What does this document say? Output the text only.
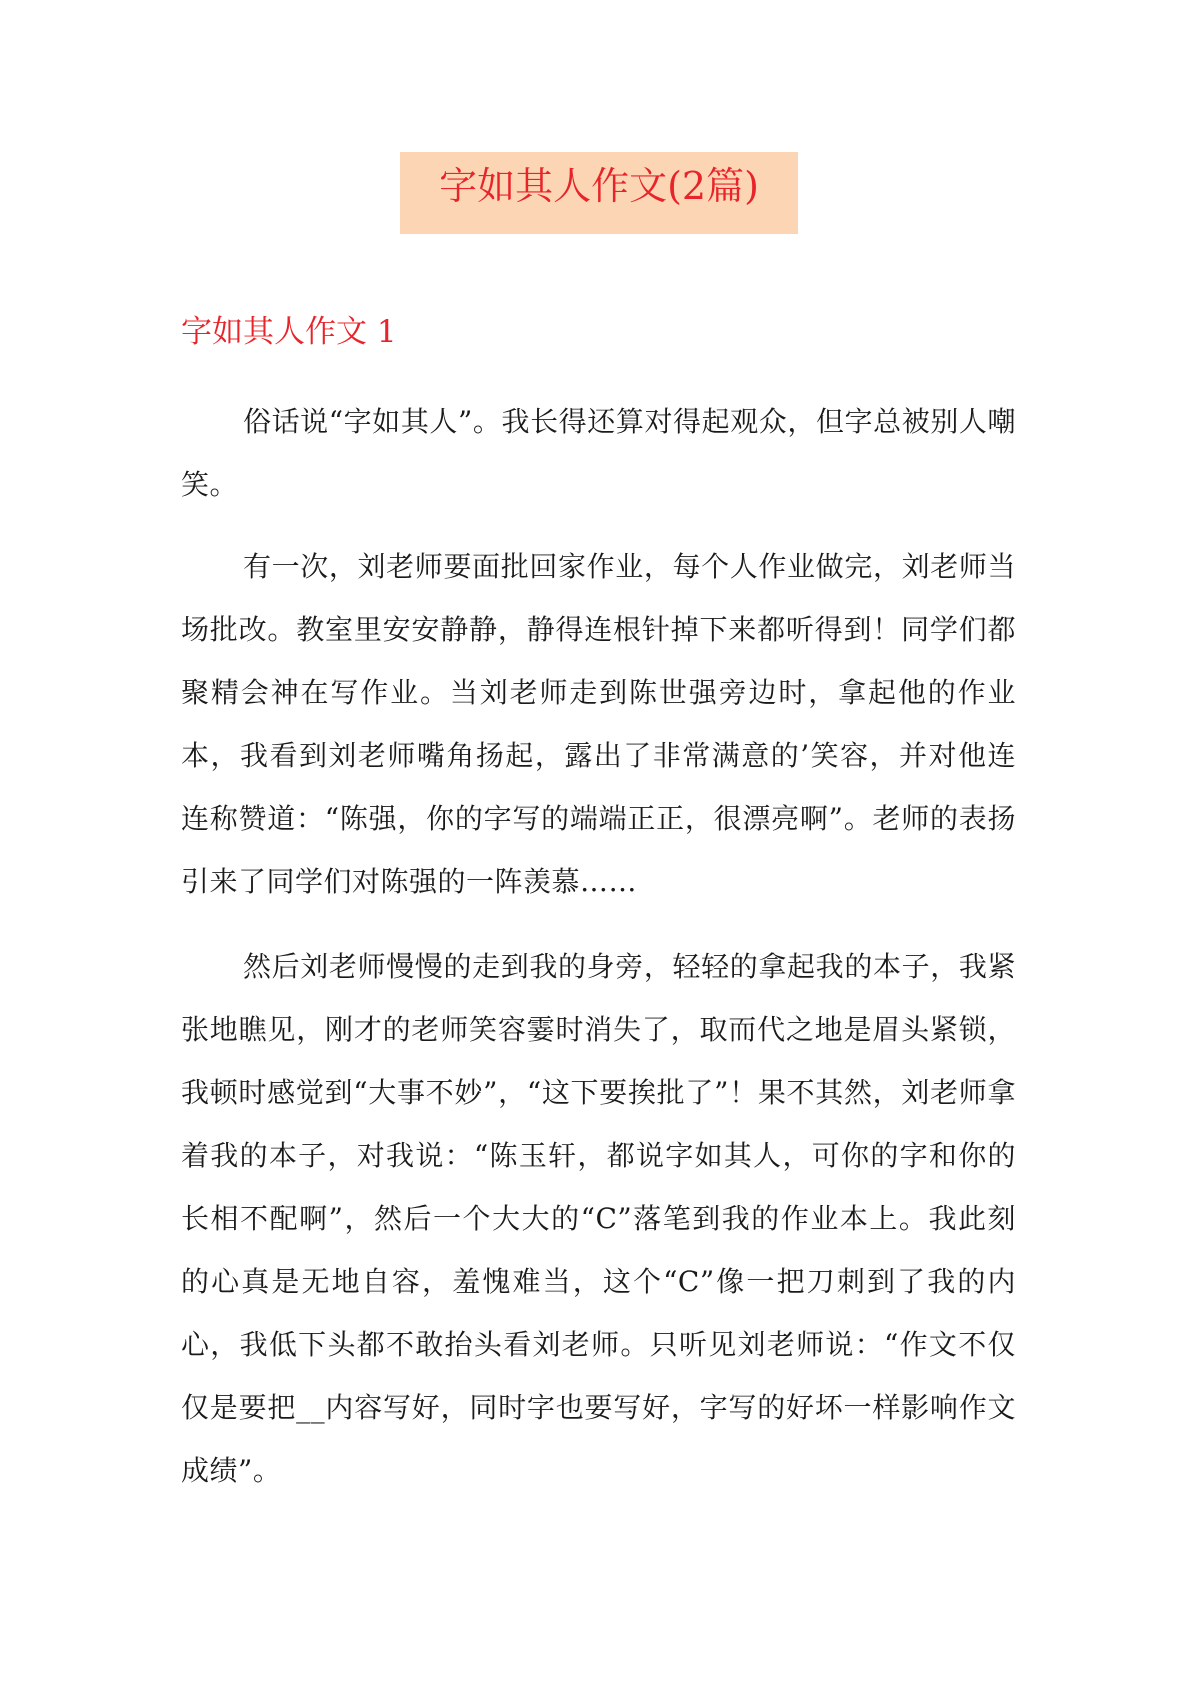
字如其人作文(2篇)
字如其人作文 1

俗话说“字如其人”。我长得还算对得起观众，但字总被别人嘲笑。

有一次，刘老师要面批回家作业，每个人作业做完，刘老师当场批改。教室里安安静静，静得连根针掉下来都听得到！同学们都聚精会神在写作业。当刘老师走到陈世强旁边时，拿起他的作业本，我看到刘老师嘴角扬起，露出了非常满意的’笑容，并对他连连称赞道：“陈强，你的字写的端端正正，很漂亮啊”。老师的表扬引来了同学们对陈强的一阵羡慕……

然后刘老师慢慢的走到我的身旁，轻轻的拿起我的本子，我紧张地瞧见，刚才的老师笑容霎时消失了，取而代之地是眉头紧锁，我顿时感觉到“大事不妙”，“这下要挨批了”！果不其然，刘老师拿着我的本子，对我说：“陈玉轩，都说字如其人，可你的字和你的长相不配啊”，然后一个大大的“C”落笔到我的作业本上。我此刻的心真是无地自容，羞愧难当，这个“C”像一把刀刺到了我的内心，我低下头都不敢抬头看刘老师。只听见刘老师说：“作文不仅仅是要把__内容写好，同时字也要写好，字写的好坏一样影响作文成绩”。
